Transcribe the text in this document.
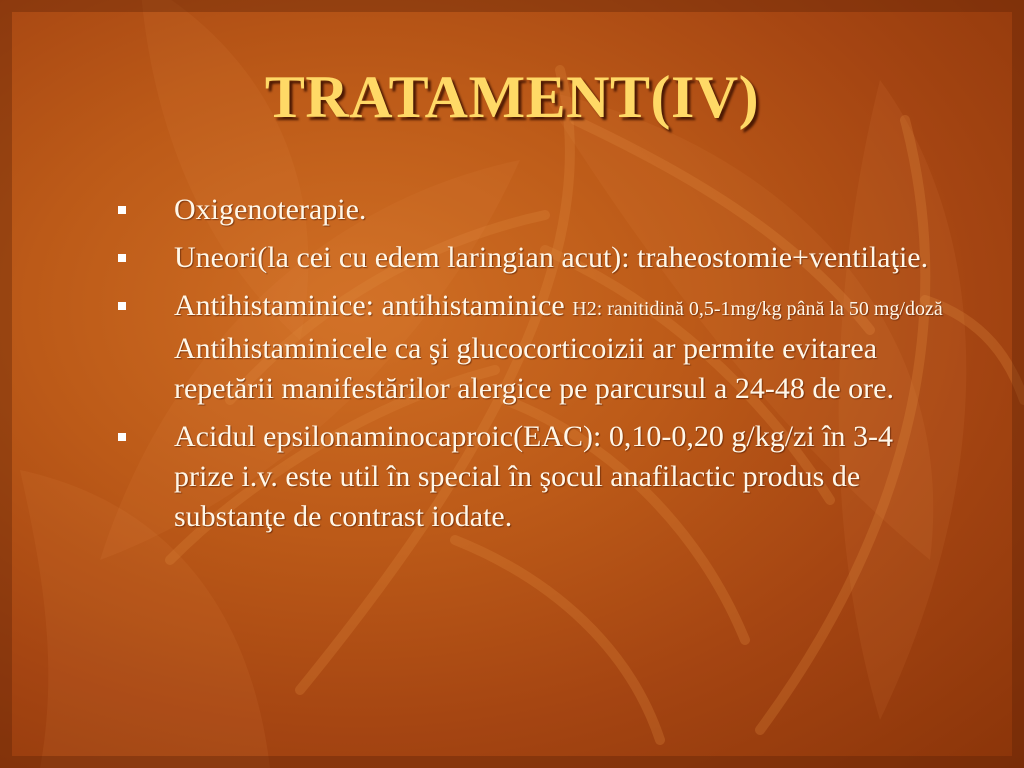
TRATAMENT(IV)
Oxigenoterapie.
Uneori(la cei cu edem laringian acut): traheostomie+ventilaţie.
Antihistaminice: antihistaminice H2: ranitidină 0,5-1mg/kg până la 50 mg/doză Antihistaminicele ca şi glucocorticoizii ar permite evitarea repetării manifestărilor alergice pe parcursul a 24-48 de ore.
Acidul epsilonaminocaproic(EAC): 0,10-0,20 g/kg/zi în 3-4 prize i.v. este util în special în şocul anafilactic produs de substanţe de contrast iodate.
